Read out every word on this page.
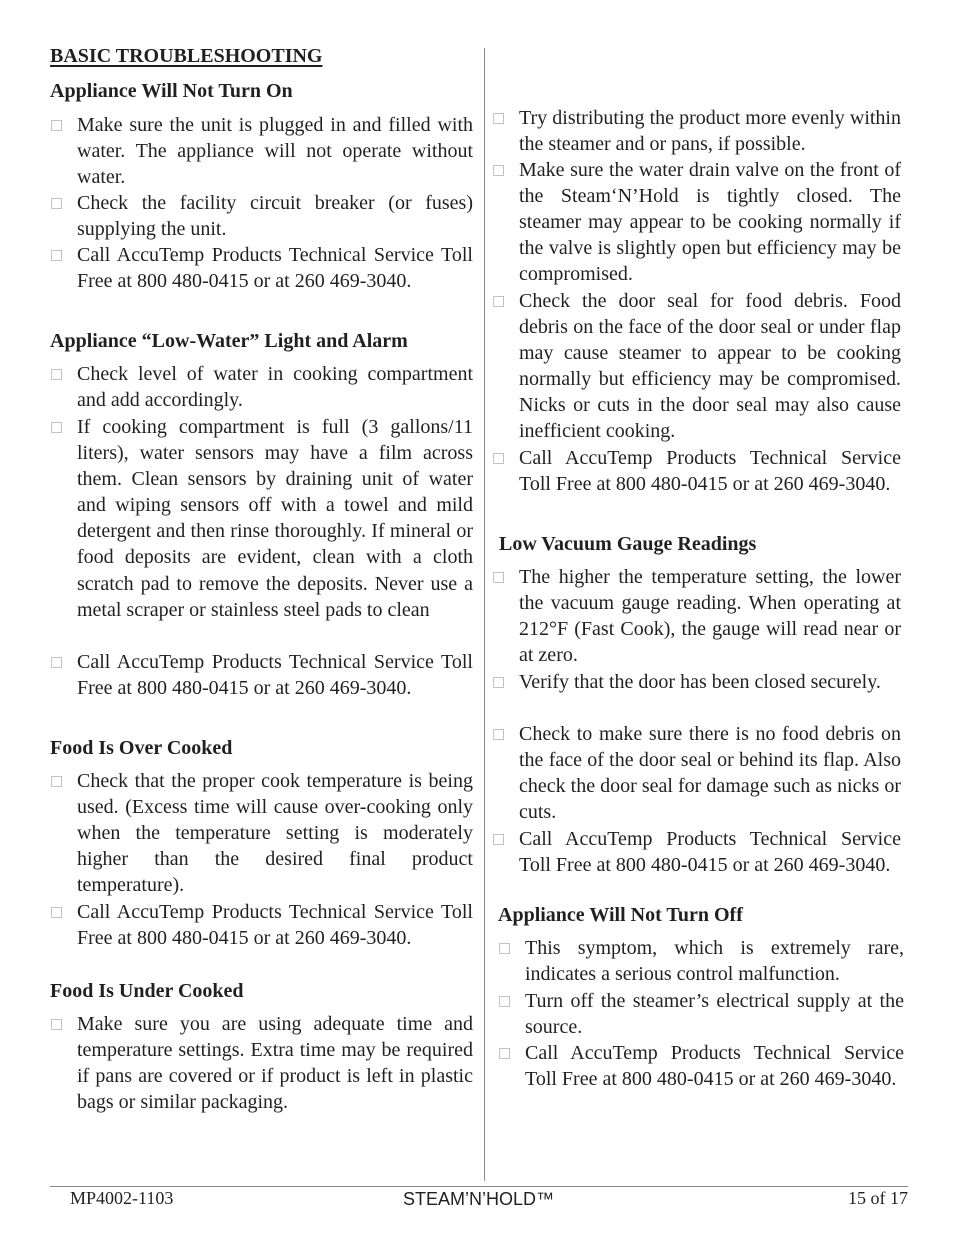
BASIC TROUBLESHOOTING
Appliance Will Not Turn On
□ Make sure the unit is plugged in and filled with water. The appliance will not operate without water.
□ Check the facility circuit breaker (or fuses) supplying the unit.
□ Call AccuTemp Products Technical Service Toll Free at 800 480-0415 or at 260 469-3040.
Appliance “Low-Water” Light and Alarm
□ Check level of water in cooking compartment and add accordingly.
□ If cooking compartment is full (3 gallons/11 liters), water sensors may have a film across them. Clean sensors by draining unit of water and wiping sensors off with a towel and mild detergent and then rinse thoroughly. If mineral or food deposits are evident, clean with a cloth scratch pad to remove the deposits. Never use a metal scraper or stainless steel pads to clean
□ Call AccuTemp Products Technical Service Toll Free at 800 480-0415 or at 260 469-3040.
Food Is Over Cooked
□ Check that the proper cook temperature is being used. (Excess time will cause over-cooking only when the temperature setting is moderately higher than the desired final product temperature).
□ Call AccuTemp Products Technical Service Toll Free at 800 480-0415 or at 260 469-3040.
Food Is Under Cooked
□ Make sure you are using adequate time and temperature settings. Extra time may be required if pans are covered or if product is left in plastic bags or similar packaging.
□ Try distributing the product more evenly within the steamer and or pans, if possible.
□ Make sure the water drain valve on the front of the Steam‘N’Hold is tightly closed. The steamer may appear to be cooking normally if the valve is slightly open but efficiency may be compromised.
□ Check the door seal for food debris. Food debris on the face of the door seal or under flap may cause steamer to appear to be cooking normally but efficiency may be compromised. Nicks or cuts in the door seal may also cause inefficient cooking.
□ Call AccuTemp Products Technical Service Toll Free at 800 480-0415 or at 260 469-3040.
Low Vacuum Gauge Readings
□ The higher the temperature setting, the lower the vacuum gauge reading. When operating at 212°F (Fast Cook), the gauge will read near or at zero.
□ Verify that the door has been closed securely.
□ Check to make sure there is no food debris on the face of the door seal or behind its flap. Also check the door seal for damage such as nicks or cuts.
□ Call AccuTemp Products Technical Service Toll Free at 800 480-0415 or at 260 469-3040.
Appliance Will Not Turn Off
□ This symptom, which is extremely rare, indicates a serious control malfunction.
□ Turn off the steamer’s electrical supply at the source.
□ Call AccuTemp Products Technical Service Toll Free at 800 480-0415 or at 260 469-3040.
MP4002-1103	STEAM’N’HOLD™	15 of 17
